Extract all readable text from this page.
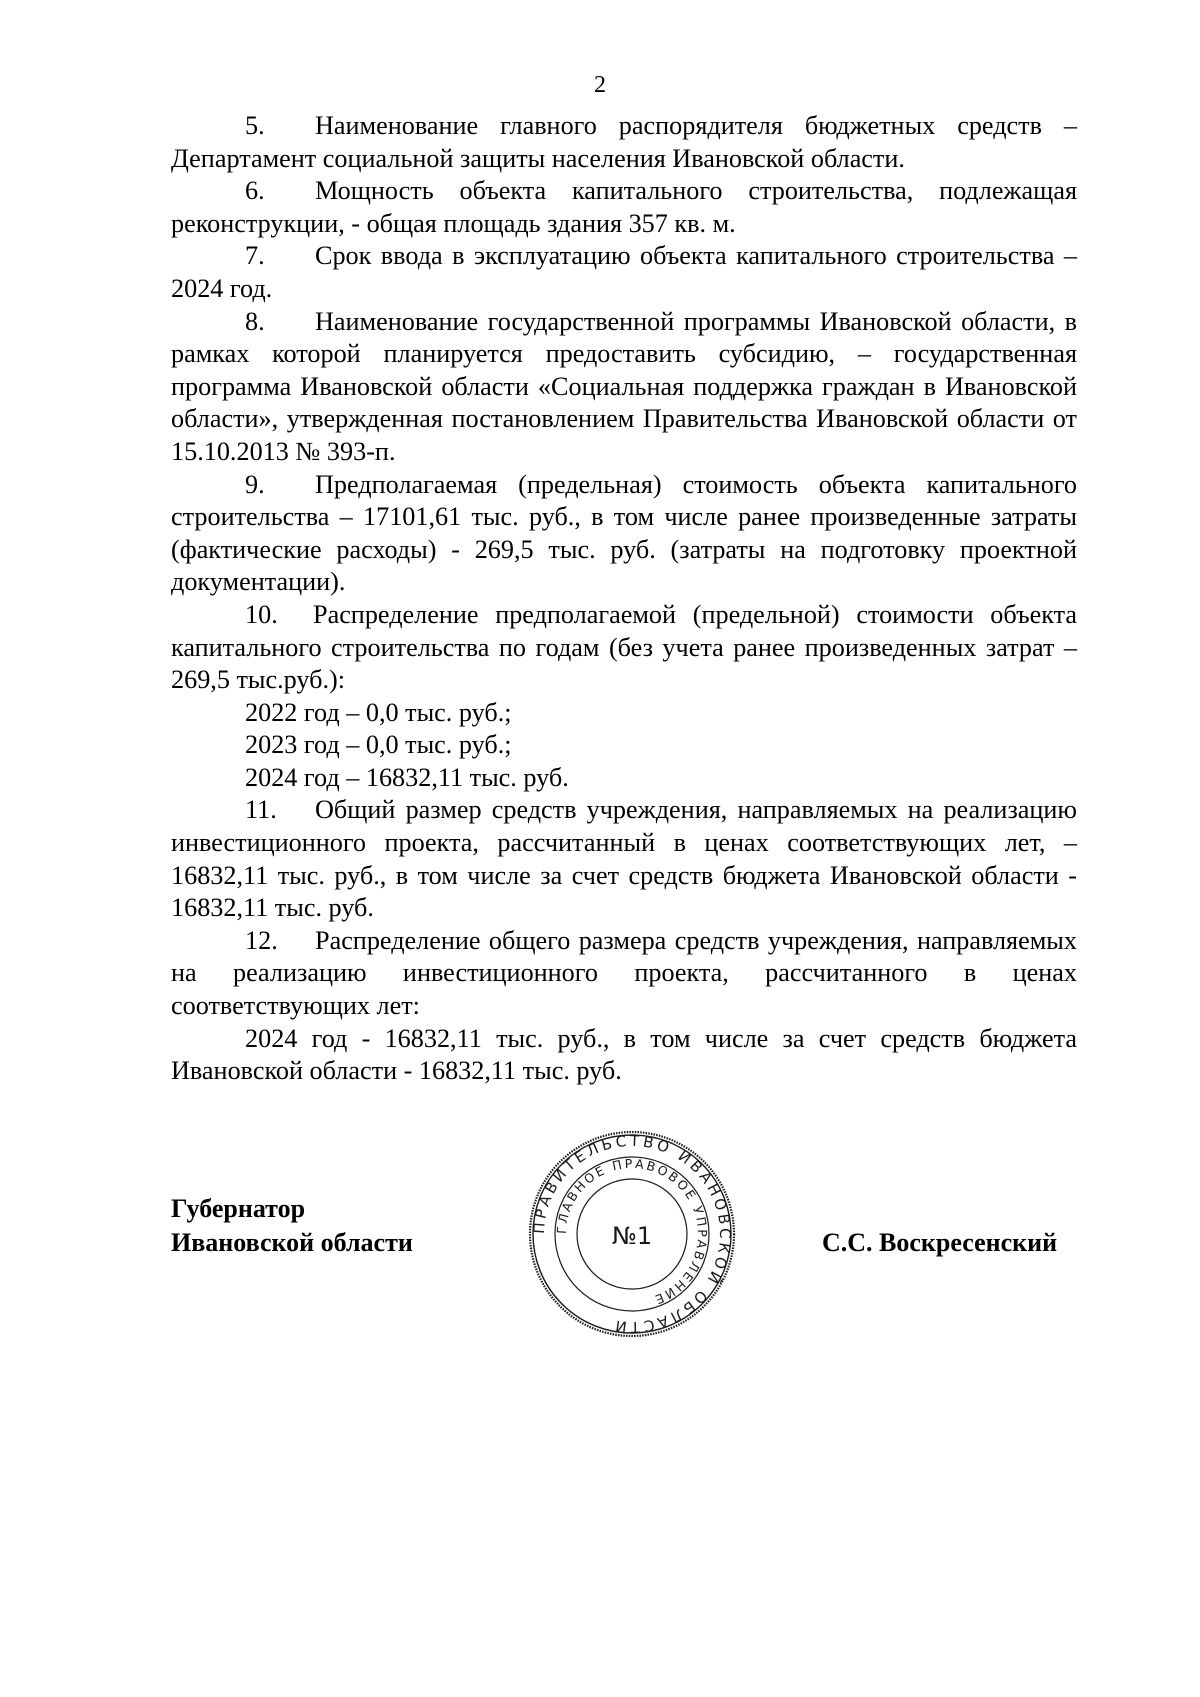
2

5. Наименование главного распорядителя бюджетных средств – Департамент социальной защиты населения Ивановской области.

6. Мощность объекта капитального строительства, подлежащая реконструкции, - общая площадь здания 357 кв. м.

7. Срок ввода в эксплуатацию объекта капитального строительства – 2024 год.

8. Наименование государственной программы Ивановской области, в рамках которой планируется предоставить субсидию, – государственная программа Ивановской области «Социальная поддержка граждан в Ивановской области», утвержденная постановлением Правительства Ивановской области от 15.10.2013 № 393-п.

9. Предполагаемая (предельная) стоимость объекта капитального строительства – 17101,61 тыс. руб., в том числе ранее произведенные затраты (фактические расходы) - 269,5 тыс. руб. (затраты на подготовку проектной документации).

10. Распределение предполагаемой (предельной) стоимости объекта капитального строительства по годам (без учета ранее произведенных затрат – 269,5 тыс.руб.):

2022 год – 0,0 тыс. руб.;

2023 год – 0,0 тыс. руб.;

2024 год – 16832,11 тыс. руб.

11. Общий размер средств учреждения, направляемых на реализацию инвестиционного проекта, рассчитанный в ценах соответствующих лет, – 16832,11 тыс. руб., в том числе за счет средств бюджета Ивановской области - 16832,11 тыс. руб.

12. Распределение общего размера средств учреждения, направляемых на реализацию инвестиционного проекта, рассчитанного в ценах соответствующих лет:

2024 год - 16832,11 тыс. руб., в том числе за счет средств бюджета Ивановской области - 16832,11 тыс. руб.

Губернатор
Ивановской области
ПРАВИТЕЛЬСТВО ИВАНОВСКОЙ ОБЛАСТИ
ГЛАВНОЕ ПРАВОВОЕ УПРАВЛЕНИЕ
№1	С.С. Воскресенский
